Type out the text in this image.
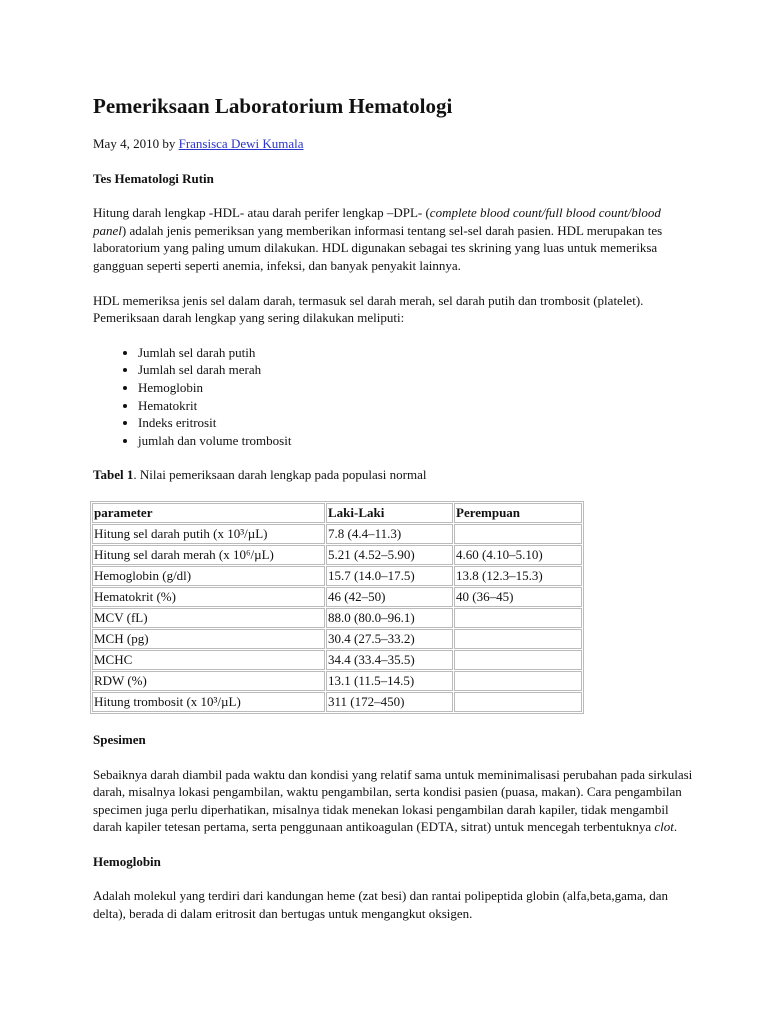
Pemeriksaan Laboratorium Hematologi

May 4, 2010 by Fransisca Dewi Kumala

Tes Hematologi Rutin

Hitung darah lengkap -HDL- atau darah perifer lengkap –DPL- (complete blood count/full blood count/blood panel) adalah jenis pemeriksan yang memberikan informasi tentang sel-sel darah pasien. HDL merupakan tes laboratorium yang paling umum dilakukan. HDL digunakan sebagai tes skrining yang luas untuk memeriksa gangguan seperti seperti anemia, infeksi, dan banyak penyakit lainnya.

HDL memeriksa jenis sel dalam darah, termasuk sel darah merah, sel darah putih dan trombosit (platelet). Pemeriksaan darah lengkap yang sering dilakukan meliputi:

• Jumlah sel darah putih
• Jumlah sel darah merah
• Hemoglobin
• Hematokrit
• Indeks eritrosit
• jumlah dan volume trombosit

Tabel 1. Nilai pemeriksaan darah lengkap pada populasi normal

parameter	Laki-Laki	Perempuan
Hitung sel darah putih (x 10³/µL)	7.8 (4.4–11.3)	
Hitung sel darah merah (x 10⁶/µL)	5.21 (4.52–5.90)	4.60 (4.10–5.10)
Hemoglobin (g/dl)	15.7 (14.0–17.5)	13.8 (12.3–15.3)
Hematokrit (%)	46 (42–50)	40 (36–45)
MCV (fL)	88.0 (80.0–96.1)	
MCH (pg)	30.4 (27.5–33.2)	
MCHC	34.4 (33.4–35.5)	
RDW (%)	13.1 (11.5–14.5)	
Hitung trombosit (x 10³/µL)	311 (172–450)	
Spesimen

Sebaiknya darah diambil pada waktu dan kondisi yang relatif sama untuk meminimalisasi perubahan pada sirkulasi darah, misalnya lokasi pengambilan, waktu pengambilan, serta kondisi pasien (puasa, makan). Cara pengambilan specimen juga perlu diperhatikan, misalnya tidak menekan lokasi pengambilan darah kapiler, tidak mengambil darah kapiler tetesan pertama, serta penggunaan antikoagulan (EDTA, sitrat) untuk mencegah terbentuknya clot.

Hemoglobin

Adalah molekul yang terdiri dari kandungan heme (zat besi) dan rantai polipeptida globin (alfa,beta,gama, dan delta), berada di dalam eritrosit dan bertugas untuk mengangkut oksigen.
